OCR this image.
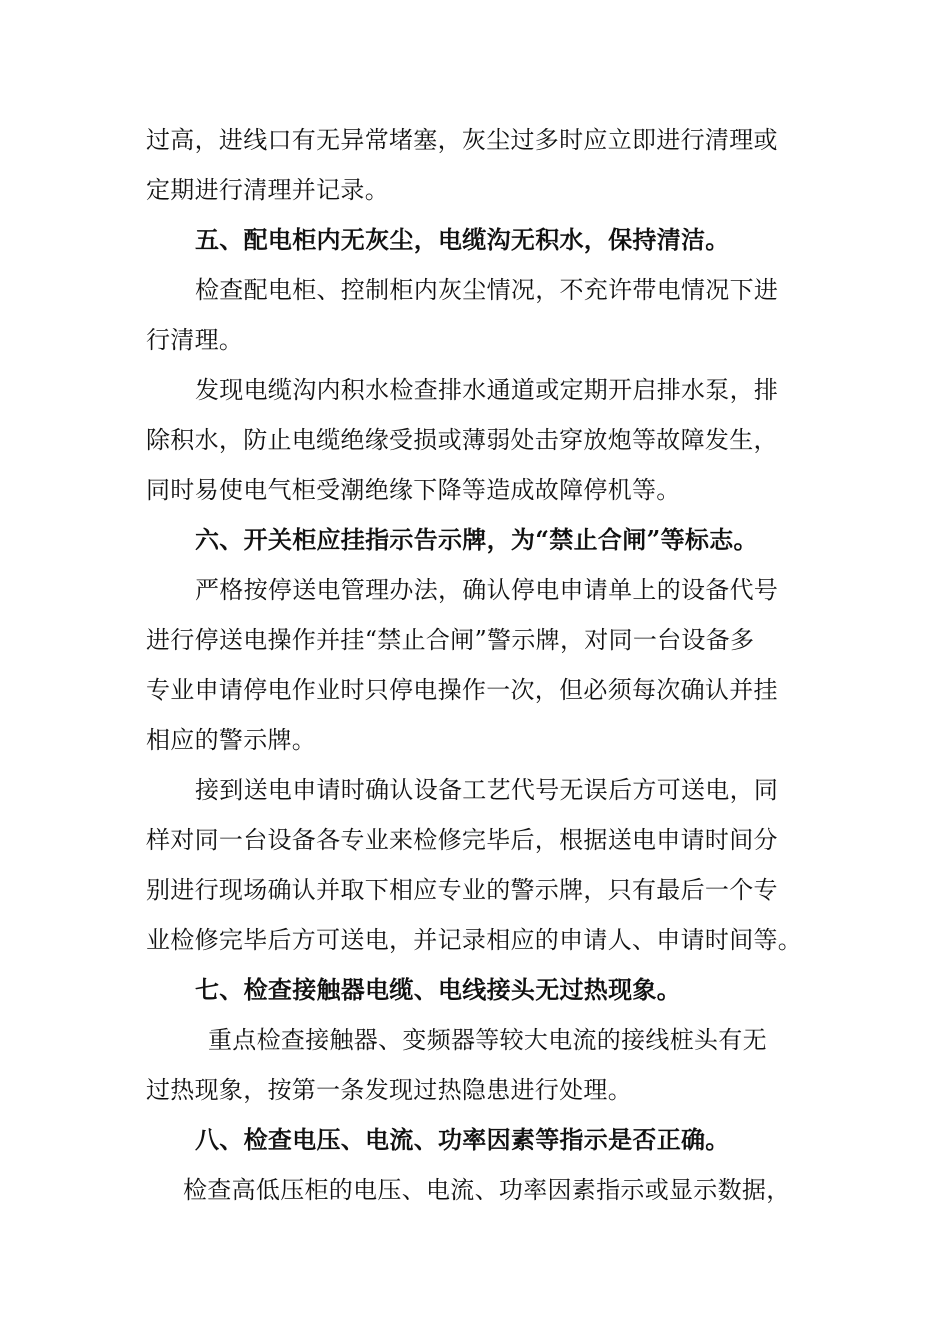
过高，进线口有无异常堵塞，灰尘过多时应立即进行清理或
定期进行清理并记录。
五、配电柜内无灰尘，电缆沟无积水，保持清洁。
检查配电柜、控制柜内灰尘情况，不充许带电情况下进
行清理。
发现电缆沟内积水检查排水通道或定期开启排水泵，排
除积水，防止电缆绝缘受损或薄弱处击穿放炮等故障发生，
同时易使电气柜受潮绝缘下降等造成故障停机等。
六、开关柜应挂指示告示牌，为“禁止合闸”等标志。
严格按停送电管理办法，确认停电申请单上的设备代号
进行停送电操作并挂“禁止合闸”警示牌，对同一台设备多
专业申请停电作业时只停电操作一次，但必须每次确认并挂
相应的警示牌。
接到送电申请时确认设备工艺代号无误后方可送电，同
样对同一台设备各专业来检修完毕后，根据送电申请时间分
别进行现场确认并取下相应专业的警示牌，只有最后一个专
业检修完毕后方可送电，并记录相应的申请人、申请时间等。
七、检查接触器电缆、电线接头无过热现象。
重点检查接触器、变频器等较大电流的接线桩头有无
过热现象，按第一条发现过热隐患进行处理。
八、检查电压、电流、功率因素等指示是否正确。
检查高低压柜的电压、电流、功率因素指示或显示数据，
